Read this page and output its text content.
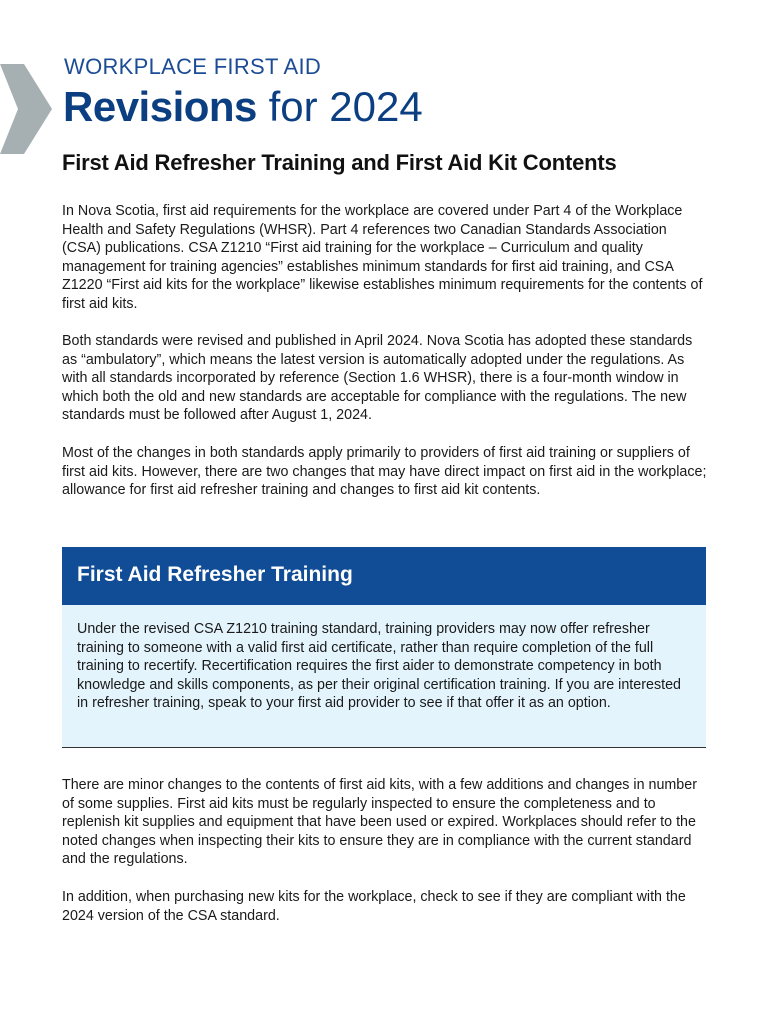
WORKPLACE FIRST AID
Revisions for 2024
First Aid Refresher Training and First Aid Kit Contents

In Nova Scotia, first aid requirements for the workplace are covered under Part 4 of the Workplace Health and Safety Regulations (WHSR). Part 4 references two Canadian Standards Association (CSA) publications. CSA Z1210 “First aid training for the workplace – Curriculum and quality management for training agencies” establishes minimum standards for first aid training, and CSA Z1220 “First aid kits for the workplace” likewise establishes minimum requirements for the contents of first aid kits.

Both standards were revised and published in April 2024. Nova Scotia has adopted these standards as “ambulatory”, which means the latest version is automatically adopted under the regulations. As with all standards incorporated by reference (Section 1.6 WHSR), there is a four-month window in which both the old and new standards are acceptable for compliance with the regulations. The new standards must be followed after August 1, 2024.

Most of the changes in both standards apply primarily to providers of first aid training or suppliers of first aid kits. However, there are two changes that may have direct impact on first aid in the workplace; allowance for first aid refresher training and changes to first aid kit contents.

First Aid Refresher Training

Under the revised CSA Z1210 training standard, training providers may now offer refresher training to someone with a valid first aid certificate, rather than require completion of the full training to recertify. Recertification requires the first aider to demonstrate competency in both knowledge and skills components, as per their original certification training. If you are interested in refresher training, speak to your first aid provider to see if that offer it as an option.

There are minor changes to the contents of first aid kits, with a few additions and changes in number of some supplies. First aid kits must be regularly inspected to ensure the completeness and to replenish kit supplies and equipment that have been used or expired. Workplaces should refer to the noted changes when inspecting their kits to ensure they are in compliance with the current standard and the regulations.

In addition, when purchasing new kits for the workplace, check to see if they are compliant with the 2024 version of the CSA standard.
